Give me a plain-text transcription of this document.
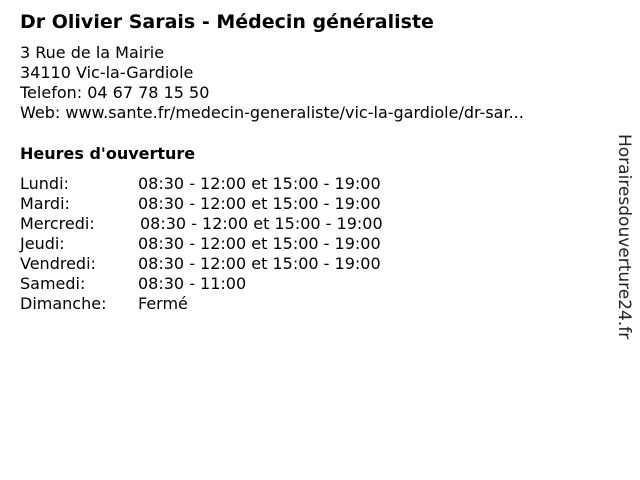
Dr Olivier Sarais - Médecin généraliste
3 Rue de la Mairie
34110 Vic-la-Gardiole
Telefon: 04 67 78 15 50
Web: www.sante.fr/medecin-generaliste/vic-la-gardiole/dr-sar...
Heures d'ouverture
Lundi:	08:30 - 12:00 et 15:00 - 19:00
Mardi:	08:30 - 12:00 et 15:00 - 19:00
Mercredi:	08:30 - 12:00 et 15:00 - 19:00
Jeudi:	08:30 - 12:00 et 15:00 - 19:00
Vendredi:	08:30 - 12:00 et 15:00 - 19:00
Samedi:	08:30 - 11:00
Dimanche: Fermé	Horairesdouverture24.fr
